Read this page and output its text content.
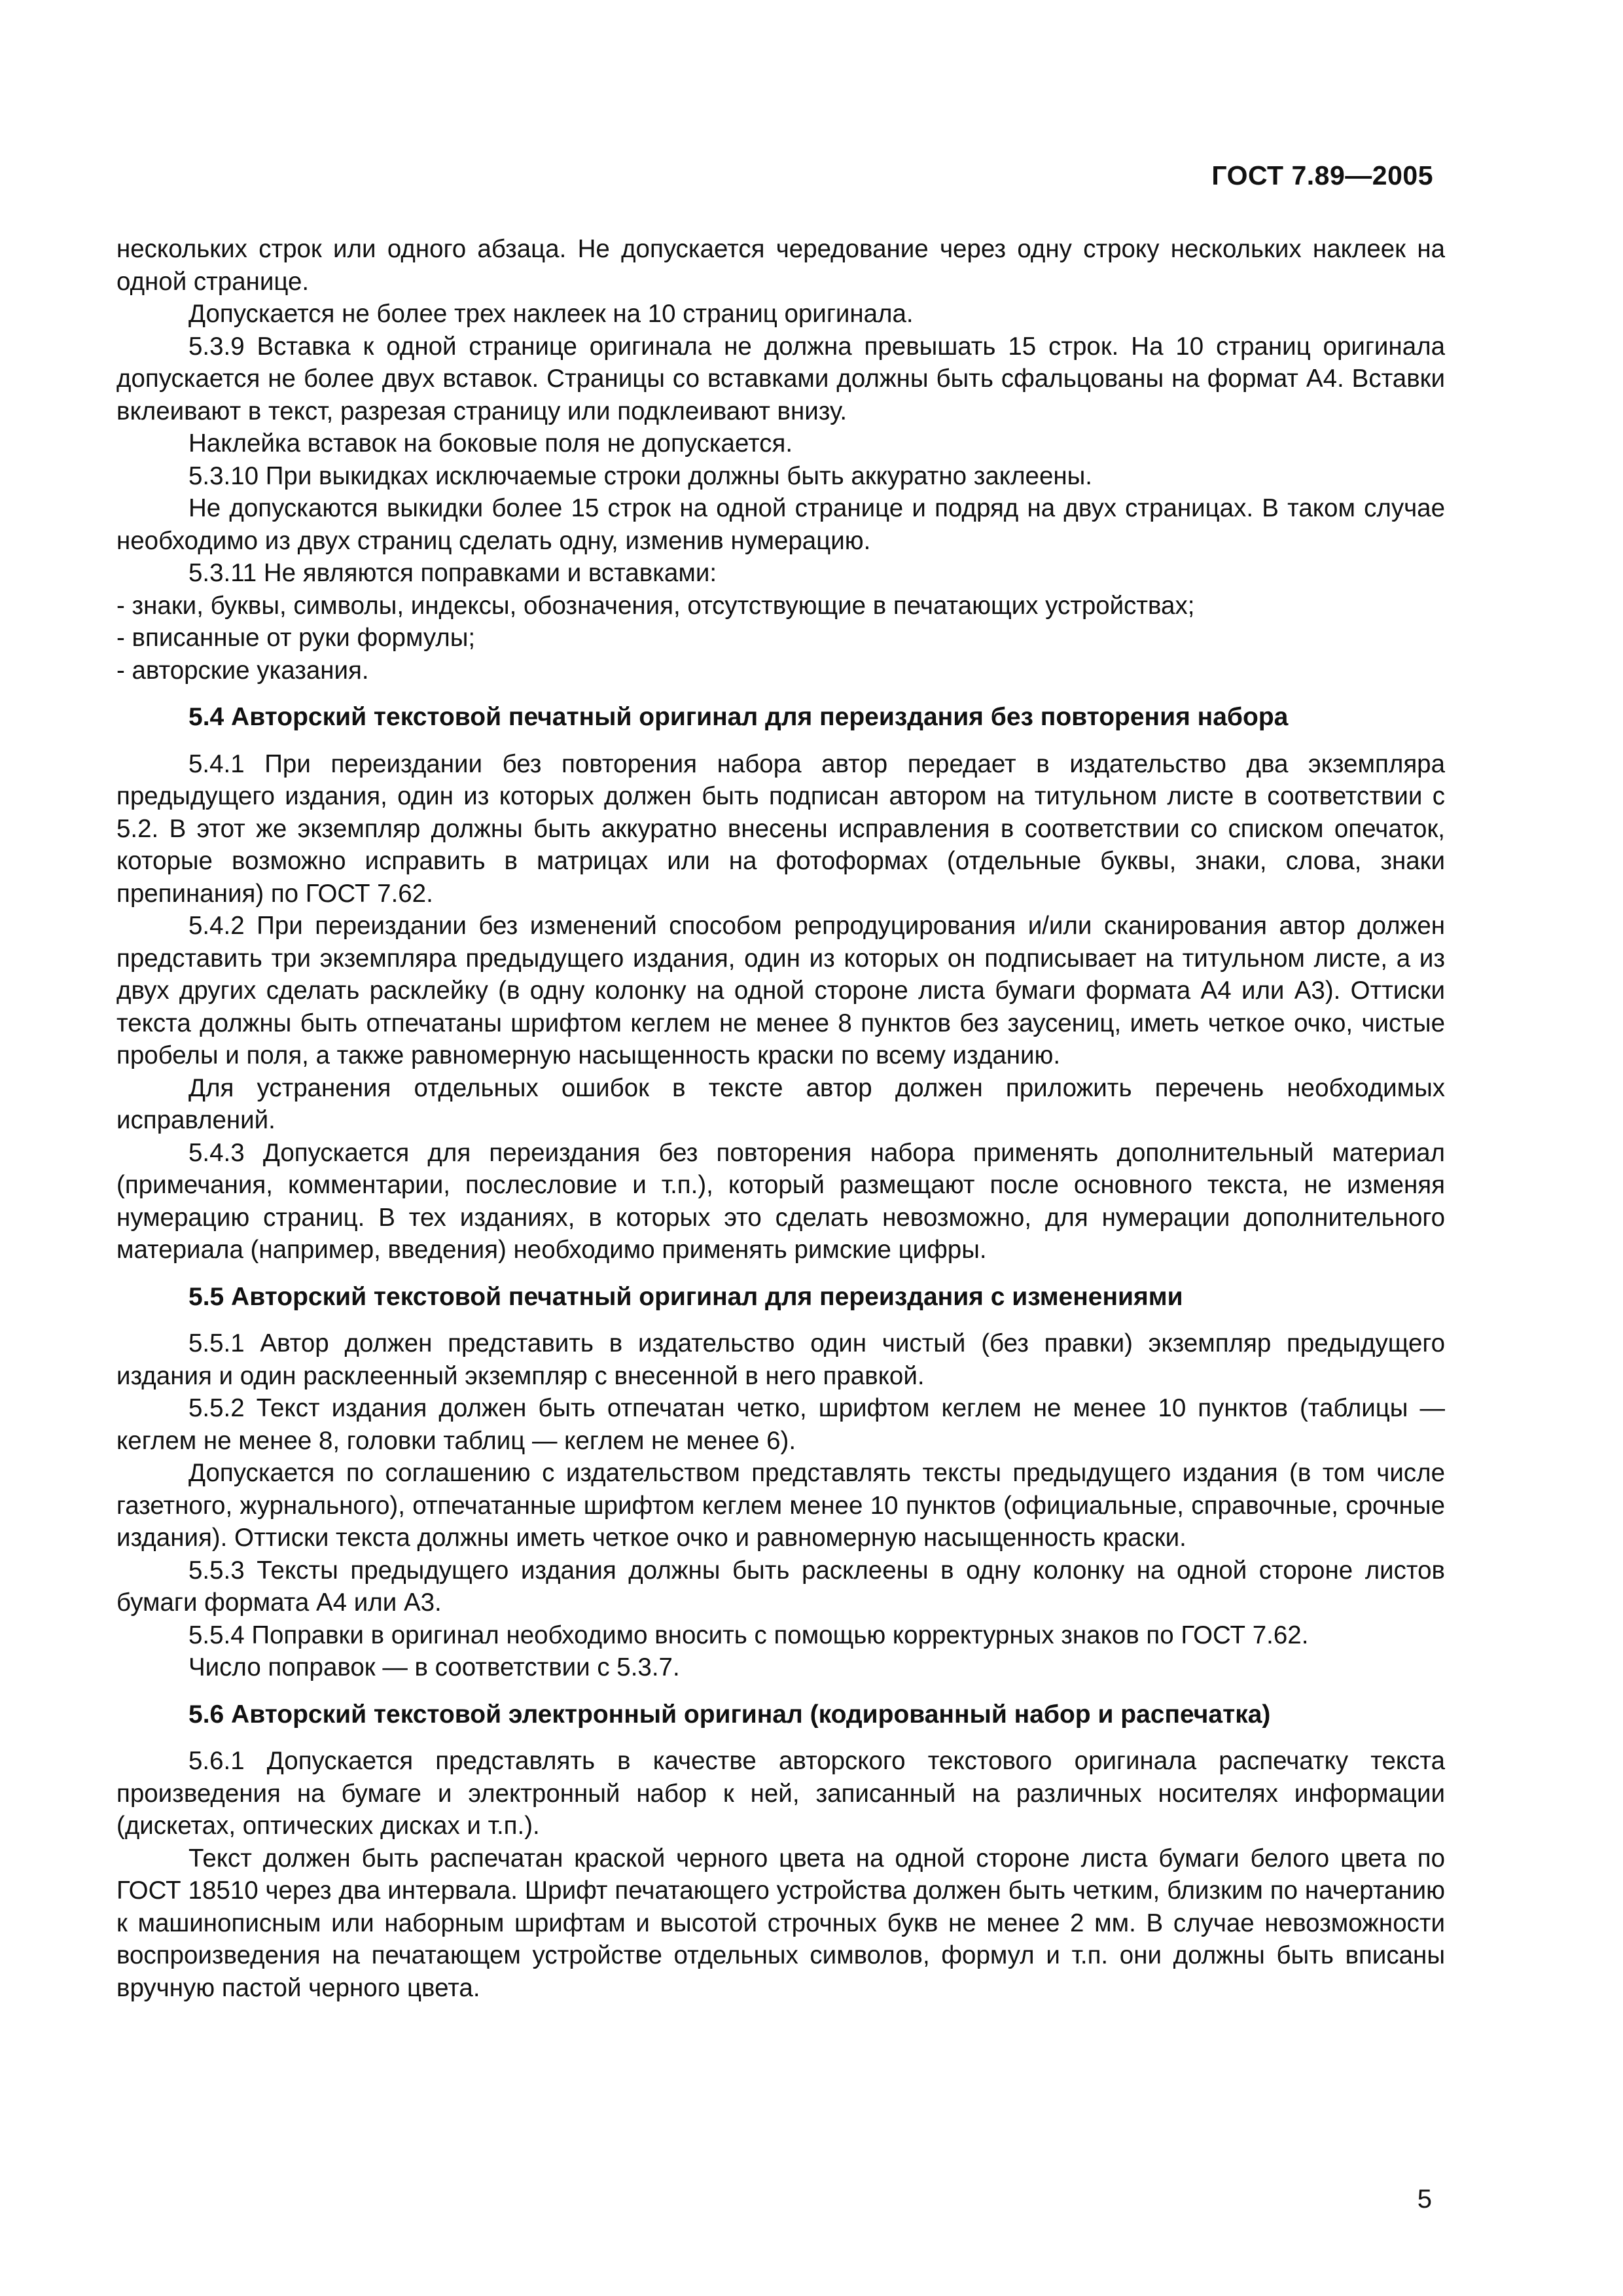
ГОСТ 7.89—2005

нескольких строк или одного абзаца. Не допускается чередование через одну строку нескольких наклеек на одной странице.

Допускается не более трех наклеек на 10 страниц оригинала.

5.3.9 Вставка к одной странице оригинала не должна превышать 15 строк. На 10 страниц оригинала допускается не более двух вставок. Страницы со вставками должны быть сфальцованы на формат А4. Вставки вклеивают в текст, разрезая страницу или подклеивают внизу.

Наклейка вставок на боковые поля не допускается.

5.3.10 При выкидках исключаемые строки должны быть аккуратно заклеены.

Не допускаются выкидки более 15 строк на одной странице и подряд на двух страницах. В таком случае необходимо из двух страниц сделать одну, изменив нумерацию.

5.3.11 Не являются поправками и вставками:

- знаки, буквы, символы, индексы, обозначения, отсутствующие в печатающих устройствах;

- вписанные от руки формулы;

- авторские указания.

5.4 Авторский текстовой печатный оригинал для переиздания без повторения набора

5.4.1 При переиздании без повторения набора автор передает в издательство два экземпляра предыдущего издания, один из которых должен быть подписан автором на титульном листе в соответствии с 5.2. В этот же экземпляр должны быть аккуратно внесены исправления в соответствии со списком опечаток, которые возможно исправить в матрицах или на фотоформах (отдельные буквы, знаки, слова, знаки препинания) по ГОСТ 7.62.

5.4.2 При переиздании без изменений способом репродуцирования и/или сканирования автор должен представить три экземпляра предыдущего издания, один из которых он подписывает на титульном листе, а из двух других сделать расклейку (в одну колонку на одной стороне листа бумаги формата А4 или А3). Оттиски текста должны быть отпечатаны шрифтом кеглем не менее 8 пунктов без заусениц, иметь четкое очко, чистые пробелы и поля, а также равномерную насыщенность краски по всему изданию.

Для устранения отдельных ошибок в тексте автор должен приложить перечень необходимых исправлений.

5.4.3 Допускается для переиздания без повторения набора применять дополнительный материал (примечания, комментарии, послесловие и т.п.), который размещают после основного текста, не изменяя нумерацию страниц. В тех изданиях, в которых это сделать невозможно, для нумерации дополнительного материала (например, введения) необходимо применять римские цифры.

5.5 Авторский текстовой печатный оригинал для переиздания с изменениями

5.5.1 Автор должен представить в издательство один чистый (без правки) экземпляр предыдущего издания и один расклеенный экземпляр с внесенной в него правкой.

5.5.2 Текст издания должен быть отпечатан четко, шрифтом кеглем не менее 10 пунктов (таблицы — кеглем не менее 8, головки таблиц — кеглем не менее 6).

Допускается по соглашению с издательством представлять тексты предыдущего издания (в том числе газетного, журнального), отпечатанные шрифтом кеглем менее 10 пунктов (официальные, справочные, срочные издания). Оттиски текста должны иметь четкое очко и равномерную насыщенность краски.

5.5.3 Тексты предыдущего издания должны быть расклеены в одну колонку на одной стороне листов бумаги формата А4 или А3.

5.5.4 Поправки в оригинал необходимо вносить с помощью корректурных знаков по ГОСТ 7.62.

Число поправок — в соответствии с 5.3.7.

5.6 Авторский текстовой электронный оригинал (кодированный набор и распечатка)

5.6.1 Допускается представлять в качестве авторского текстового оригинала распечатку текста произведения на бумаге и электронный набор к ней, записанный на различных носителях информации (дискетах, оптических дисках и т.п.).

Текст должен быть распечатан краской черного цвета на одной стороне листа бумаги белого цвета по ГОСТ 18510 через два интервала. Шрифт печатающего устройства должен быть четким, близким по начертанию к машинописным или наборным шрифтам и высотой строчных букв не менее 2 мм. В случае невозможности воспроизведения на печатающем устройстве отдельных символов, формул и т.п. они должны быть вписаны вручную пастой черного цвета.

5
